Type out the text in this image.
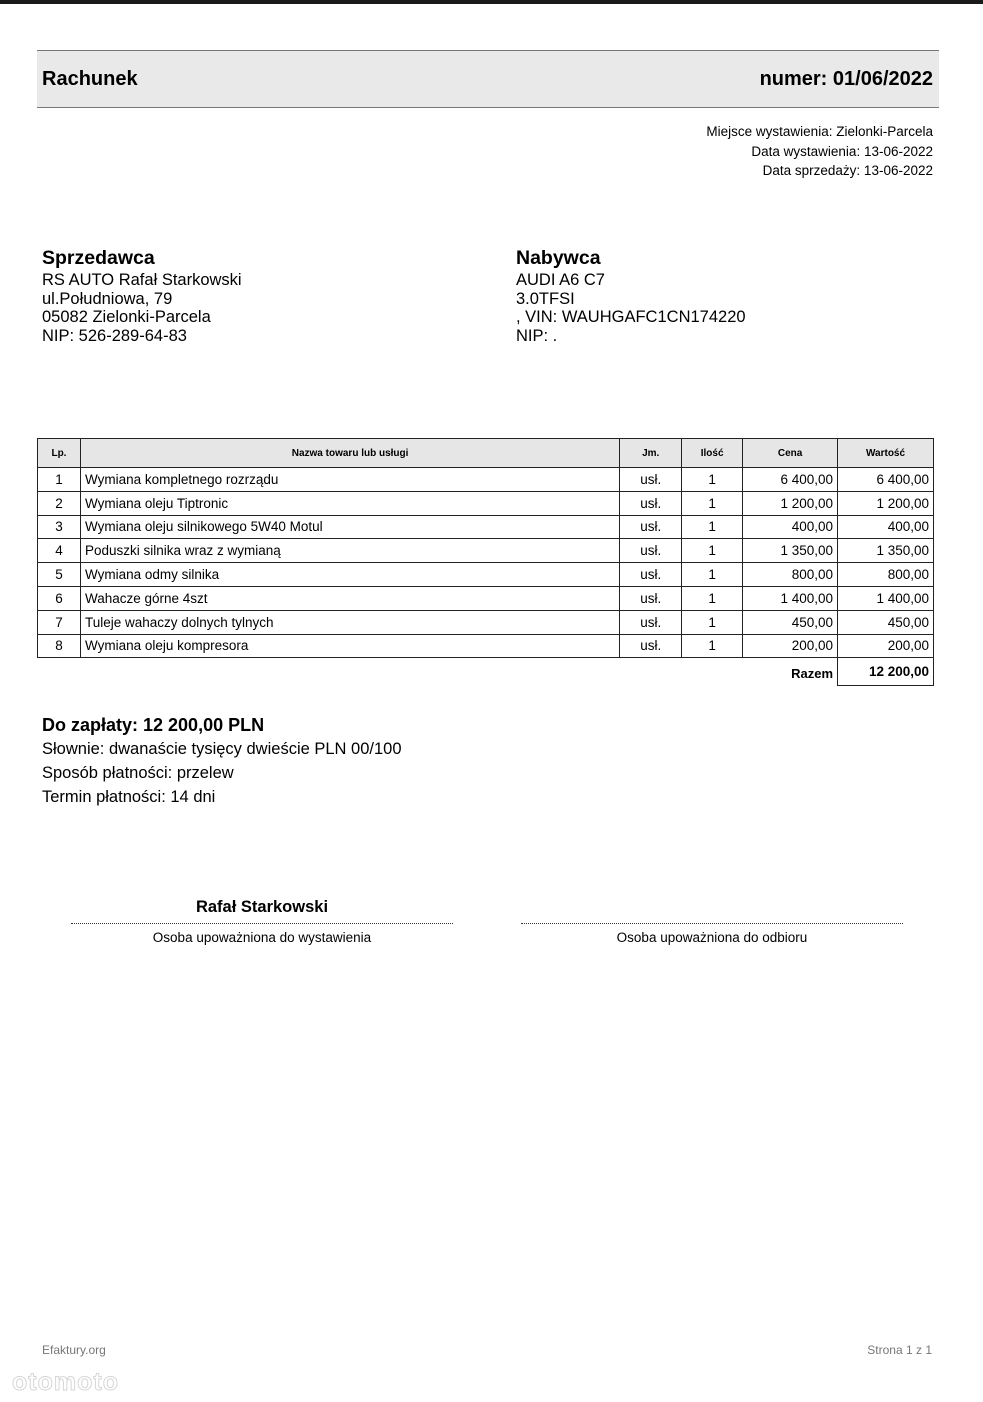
Rachunek	numer: 01/06/2022
Miejsce wystawienia: Zielonki-Parcela
Data wystawienia: 13-06-2022
Data sprzedaży: 13-06-2022
Sprzedawca
RS AUTO Rafał Starkowski
ul.Południowa, 79
05082 Zielonki-Parcela
NIP: 526-289-64-83
Nabywca
AUDI A6 C7
3.0TFSI
, VIN: WAUHGAFC1CN174220
NIP: .
Lp.	Nazwa towaru lub usługi	Jm.	Ilość	Cena	Wartość
1	Wymiana kompletnego rozrządu	usł.	1	6 400,00	6 400,00
2	Wymiana oleju Tiptronic	usł.	1	1 200,00	1 200,00
3	Wymiana oleju silnikowego 5W40 Motul	usł.	1	400,00	400,00
4	Poduszki silnika wraz z wymianą	usł.	1	1 350,00	1 350,00
5	Wymiana odmy silnika	usł.	1	800,00	800,00
6	Wahacze górne 4szt	usł.	1	1 400,00	1 400,00
7	Tuleje wahaczy dolnych tylnych	usł.	1	450,00	450,00
8	Wymiana oleju kompresora	usł.	1	200,00	200,00
Razem					12 200,00
Do zapłaty: 12 200,00 PLN
Słownie: dwanaście tysięcy dwieście PLN 00/100
Sposób płatności: przelew
Termin płatności: 14 dni
Rafał Starkowski
Osoba upoważniona do wystawienia	Osoba upoważniona do odbioru
Efaktury.org	Strona 1 z 1
otomoto
